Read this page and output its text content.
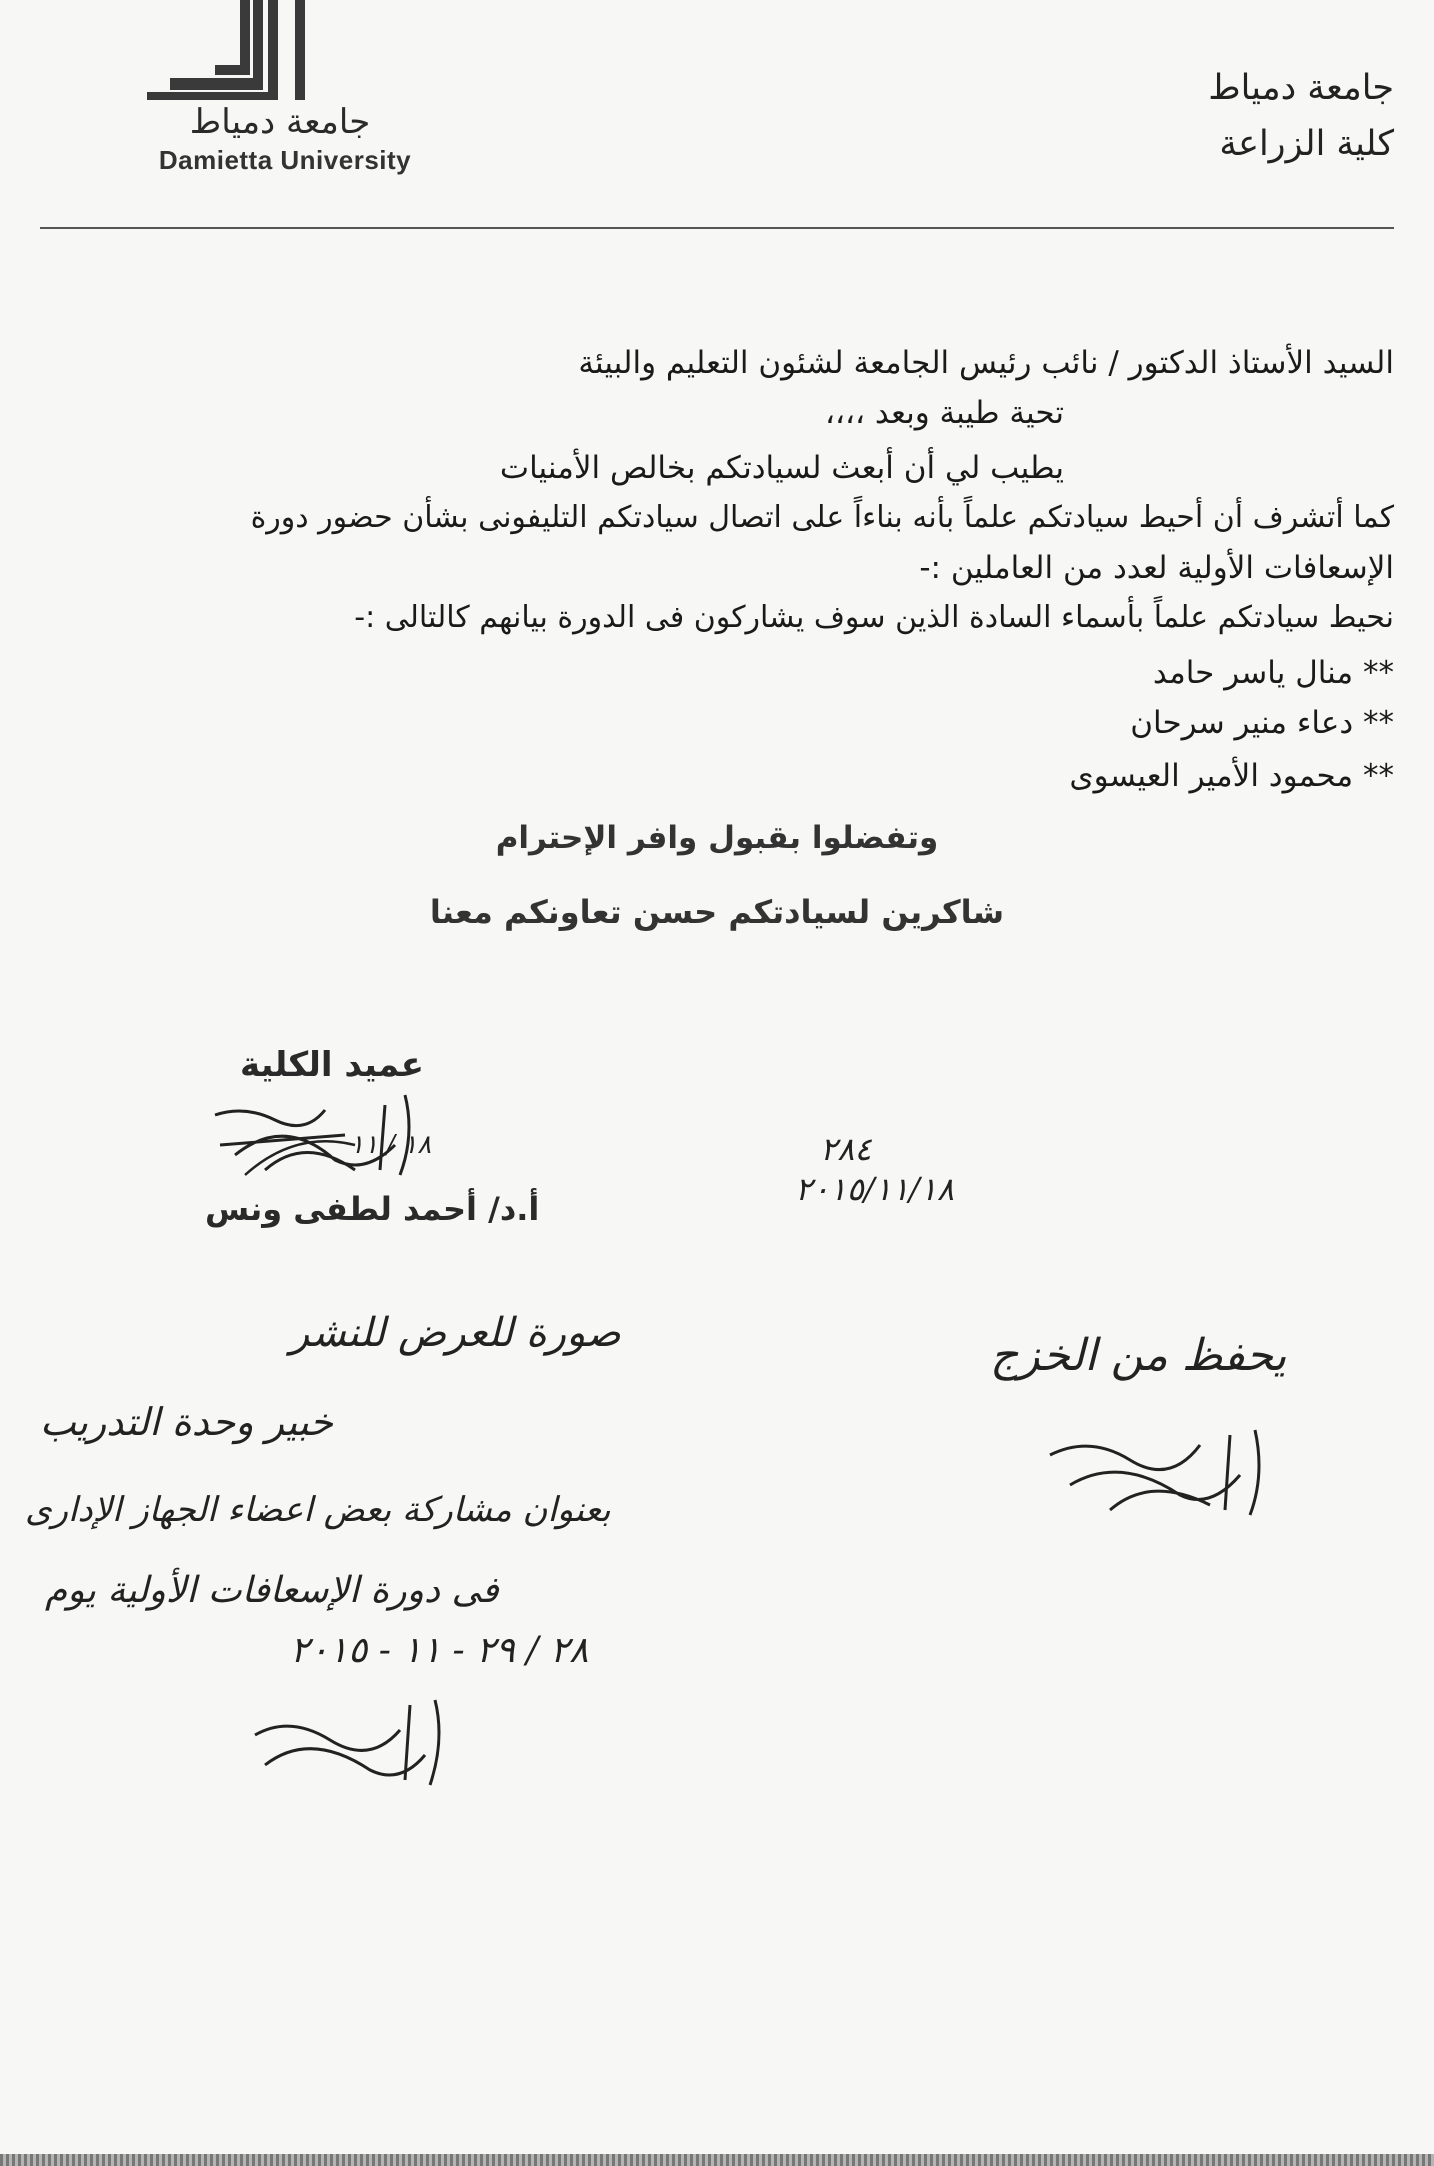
جامعة دمياط
Damietta University
جامعة دمياط
كلية الزراعة
السيد الأستاذ الدكتور / نائب رئيس الجامعة لشئون التعليم والبيئة
تحية طيبة وبعد ،،،،
يطيب لي أن أبعث لسيادتكم بخالص الأمنيات
كما أتشرف أن أحيط سيادتكم علماً بأنه بناءاً على اتصال سيادتكم التليفونى بشأن حضور دورة
الإسعافات الأولية لعدد من العاملين :-
نحيط سيادتكم علماً بأسماء السادة الذين سوف يشاركون فى الدورة بيانهم كالتالى :-
** منال ياسر حامد
** دعاء منير سرحان
** محمود الأمير العيسوى
وتفضلوا بقبول وافر الإحترام
شاكرين لسيادتكم حسن تعاونكم معنا
عميد الكلية
أ.د/ أحمد لطفى ونس
١٨ / ١١	٢٨٤
٢٠١٥/١١/١٨
يحفظ من الخزج
صورة للعرض للنشر
خبير وحدة التدريب
بعنوان مشاركة بعض اعضاء الجهاز الإدارى
فى دورة الإسعافات الأولية يوم
٢٨ / ٢٩ - ١١ - ٢٠١٥
